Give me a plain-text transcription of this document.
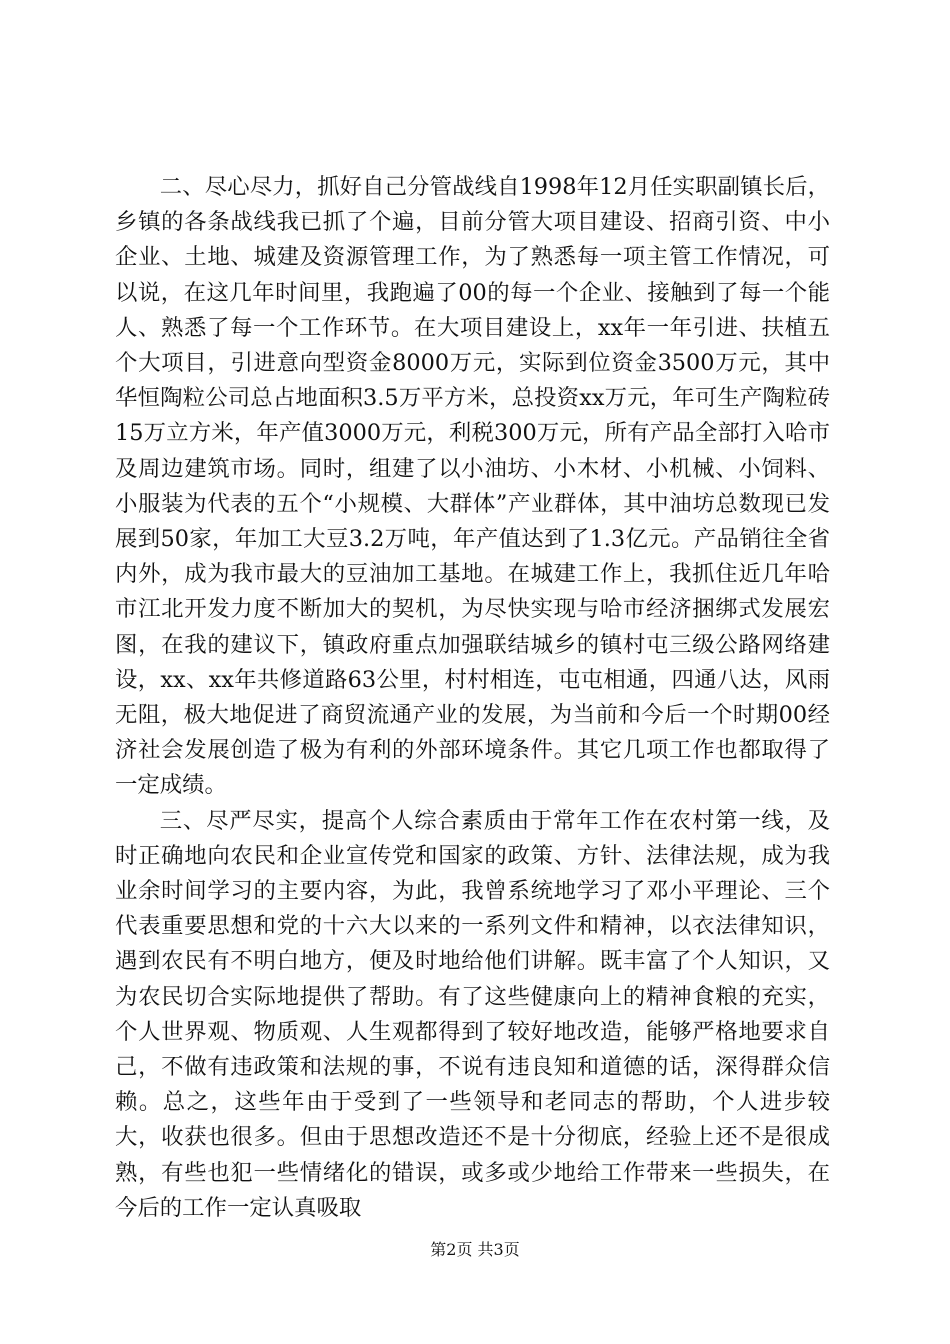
二、尽心尽力，抓好自己分管战线自1998年12月任实职副镇长后，乡镇的各条战线我已抓了个遍，目前分管大项目建设、招商引资、中小企业、土地、城建及资源管理工作，为了熟悉每一项主管工作情况，可以说，在这几年时间里，我跑遍了00的每一个企业、接触到了每一个能人、熟悉了每一个工作环节。在大项目建设上，xx年一年引进、扶植五个大项目，引进意向型资金8000万元，实际到位资金3500万元，其中华恒陶粒公司总占地面积3.5万平方米，总投资xx万元，年可生产陶粒砖15万立方米，年产值3000万元，利税300万元，所有产品全部打入哈市及周边建筑市场。同时，组建了以小油坊、小木材、小机械、小饲料、小服装为代表的五个“小规模、大群体”产业群体，其中油坊总数现已发展到50家，年加工大豆3.2万吨，年产值达到了1.3亿元。产品销往全省内外，成为我市最大的豆油加工基地。在城建工作上，我抓住近几年哈市江北开发力度不断加大的契机，为尽快实现与哈市经济捆绑式发展宏图，在我的建议下，镇政府重点加强联结城乡的镇村屯三级公路网络建设，xx、xx年共修道路63公里，村村相连，屯屯相通，四通八达，风雨无阻，极大地促进了商贸流通产业的发展，为当前和今后一个时期00经济社会发展创造了极为有利的外部环境条件。其它几项工作也都取得了一定成绩。

三、尽严尽实，提高个人综合素质由于常年工作在农村第一线，及时正确地向农民和企业宣传党和国家的政策、方针、法律法规，成为我业余时间学习的主要内容，为此，我曾系统地学习了邓小平理论、三个代表重要思想和党的十六大以来的一系列文件和精神，以衣法律知识，遇到农民有不明白地方，便及时地给他们讲解。既丰富了个人知识，又为农民切合实际地提供了帮助。有了这些健康向上的精神食粮的充实，个人世界观、物质观、人生观都得到了较好地改造，能够严格地要求自己，不做有违政策和法规的事，不说有违良知和道德的话，深得群众信赖。总之，这些年由于受到了一些领导和老同志的帮助，个人进步较大，收获也很多。但由于思想改造还不是十分彻底，经验上还不是很成熟，有些也犯一些情绪化的错误，或多或少地给工作带来一些损失，在今后的工作一定认真吸取

第2页 共3页
